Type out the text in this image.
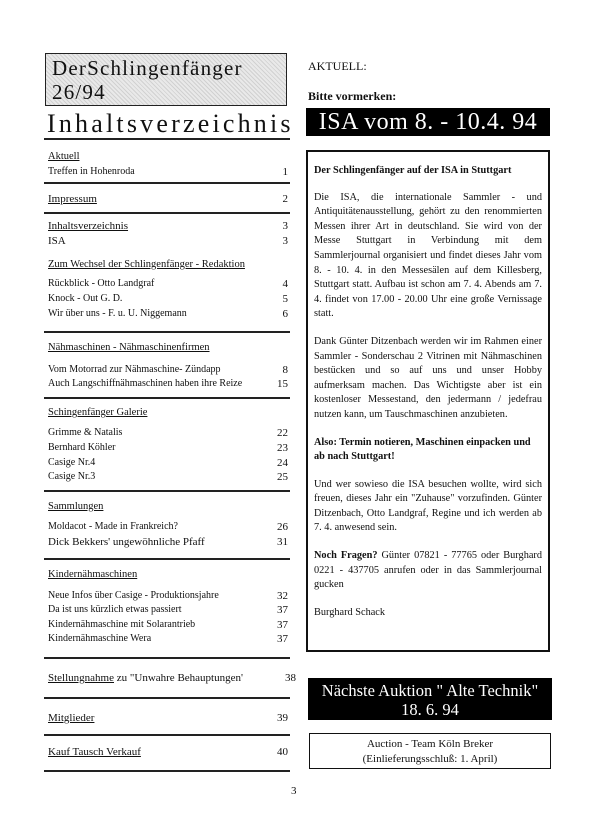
DerSchlingenfänger
26/94
Inhaltsverzeichnis
Aktuell
Treffen in Hohenroda	1
Impressum	2
Inhaltsverzeichnis	3
ISA	3
Zum Wechsel der Schlingenfänger - Redaktion
Rückblick - Otto Landgraf	4
Knock - Out G. D.	5
Wir über uns - F. u. U. Niggemann	6
Nähmaschinen - Nähmaschinenfirmen
Vom Motorrad zur Nähmaschine- Zündapp	8
Auch Langschiffnähmaschinen haben ihre Reize	15
Schingenfänger Galerie
Grimme & Natalis	22
Bernhard Köhler	23
Casige Nr.4	24
Casige Nr.3	25
Sammlungen
Moldacot - Made in Frankreich?	26
Dick Bekkers' ungewöhnliche Pfaff	31
Kindernähmaschinen
Neue Infos über Casige - Produktionsjahre	32
Da ist uns kürzlich etwas passiert	37
Kindernähmaschine mit Solarantrieb	37
Kindernähmaschine Wera	37
Stellungnahme zu "Unwahre Behauptungen'	38
Mitglieder	39
Kauf Tausch Verkauf	40
AKTUELL:
Bitte vormerken:
ISA vom 8. - 10.4. 94

Der Schlingenfänger auf der ISA in Stuttgart

Die ISA, die internationale Sammler - und Antiquitätenausstellung, gehört zu den renommierten Messen ihrer Art in deutschland. Sie wird von der Messe Stuttgart in Verbindung mit dem Sammlerjournal organisiert und findet dieses Jahr vom 8. - 10. 4. in den Messesälen auf dem Killesberg, Stuttgart statt. Aufbau ist schon am 7. 4. Abends am 7. 4. findet von 17.00 - 20.00 Uhr eine große Vernissage statt.

Dank Günter Ditzenbach werden wir im Rahmen einer Sammler - Sonderschau 2 Vitrinen mit Nähmaschinen bestücken und so auf uns und unser Hobby aufmerksam machen. Das Wichtigste aber ist ein kostenloser Messestand, den jedermann / jedefrau nutzen kann, um Tauschmaschinen anzubieten.

Also: Termin notieren, Maschinen einpacken und ab nach Stuttgart!

Und wer sowieso die ISA besuchen wollte, wird sich freuen, dieses Jahr ein "Zuhause" vorzufinden. Günter Ditzenbach, Otto Landgraf, Regine und ich werden ab 7. 4. anwesend sein.

Noch Fragen? Günter 07821 - 77765 oder Burghard 0221 - 437705 anrufen oder in das Sammlerjournal gucken

Burghard Schack

Nächste Auktion " Alte Technik"
18. 6. 94
Auction - Team Köln Breker
(Einlieferungsschluß: 1. April)
3
